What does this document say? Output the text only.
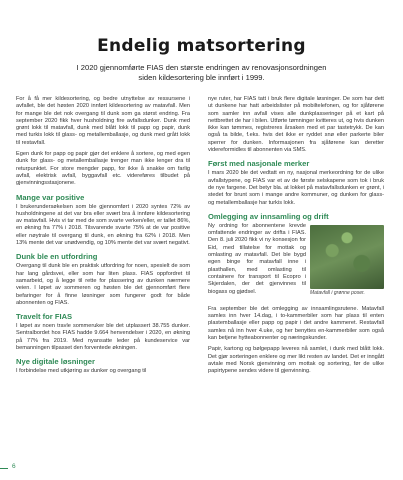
Endelig matsortering
I 2020 gjennomførte FIAS den største endringen av renovasjonsordningen siden kildesortering ble innført i 1999.

For å få mer kildesortering, og bedre utnyttelse av ressursene i avfallet, ble det høsten 2020 innført kildesortering av matavfall. Men for mange ble det nok overgang til dunk som ga størst endring. Fra september 2020 fikk hver husholdning fire avfallsdunker. Dunk med grønt lokk til matavfall, dunk med blått lokk til papp og papir, dunk med turkis lokk til glass- og metallemballasje, og dunk med grått lokk til restavfall.

Egen dunk for papp og papir gjør det enklere å sortere, og med egen dunk for glass- og metallemballasje trenger man ikke lenger dra til returpunktet. For store mengder papp, for ikke å snakke om farlig avfall, elektrisk avfall, byggavfall etc. videreføres tilbudet på gjenvinningsstasjonene.

Mange var positive

I brukerundersøkelsen som ble gjennomført i 2020 syntes 72% av husholdningene at det var bra eller svært bra å innføre kildesortering av matavfall. Hvis vi tar med de som svarte verken/eller, er tallet 86%, en økning fra 77% i 2018. Tilsvarende svarte 75% at de var positive eller nøytrale til overgang til dunk, en økning fra 62% i 2018. Men 13% mente det var unødvendig, og 10% mente det var svært negativt.

Dunk ble en utfordring

Overgang til dunk ble en praktisk utfordring for noen, spesielt de som har lang gårdsvei, eller som har liten plass. FIAS oppfordret til samarbeid, og å legge til rette for plassering av dunken nærmere veien. I løpet av sommeren og høsten ble det gjennomført flere befaringer for å finne løsninger som fungerer godt for både abonnenten og FIAS.

Travelt for FIAS

I løpet av noen travle sommeruker ble det utplassert 38.755 dunker. Sentralbordet hos FIAS hadde 9.664 henvendelser i 2020, en økning på 77% fra 2019. Med nyansatte leder på kundeservice var bemanningen tilpasset den forventede økningen.

Nye digitale løsninger

I forbindelse med utkjøring av dunker og overgang til

nye ruter, har FIAS tatt i bruk flere digitale løsninger. De som har dett ut dunkene har hatt arbeidslister på mobiltelefonen, og for sjåførene som samler inn avfall vises alle dunkplasseringer på et kart på nettbrettet de har i bilen. Utførte tømninger kvitteres ut, og hvis dunken ikke kan tømmes, registreres årsaken med et par tastetrykk. De kan også ta bilde, f.eks. hvis det ikke er ryddet snø eller parkerte biler sperrer for dunken. Informasjonen fra sjåførene kan deretter videreformidles til abonnenten via SMS.

Først med nasjonale merker

I mars 2020 ble det vedtatt en ny, nasjonal merkeordning for de ulike avfallstypene, og FIAS var et av de første selskapene som tok i bruk de nye fargene. Det betyr bla. at lokket på matavfallsdunken er grønt, i stedet for brunt som i mange andre kommuner, og dunken for glass- og metallemballasje har turkis lokk.

Omlegging av innsamling og drift
Matavfall i grønne poser.

Ny ordning for abonnentene krevde omfattende endringer av drifta i FIAS. Den 8. juli 2020 fikk vi ny konsesjon for Eid, med tillatelse for mottak og omlasting av matavfall. Det ble bygd egen binge for matavfall inne i plasthallen, med omlasting til containere for transport til Ecopro i Skjerdalen, der det gjenvinnes til biogass og gjødsel.

Fra september ble det omlegging av innsamlingsrutene. Matavfall samles inn hver 14.dag, i to-kammerbiler som har plass til enten plastemballasje eller papp og papir i det andre kammeret. Restavfall samles nå inn hver 4.uke, og her benyttes en-kammerbiler som også kan betjene hytteabonnenter og næringskunder.

Papir, kartong og bølgepapp leveres nå samlet, i dunk med blått lokk. Det gjør sorteringen enklere og mer likt resten av landet. Det er inngått avtale med Norsk gjenvinning om mottak og sortering, før de ulike papirtypene sendes videre til gjenvinning.

6
